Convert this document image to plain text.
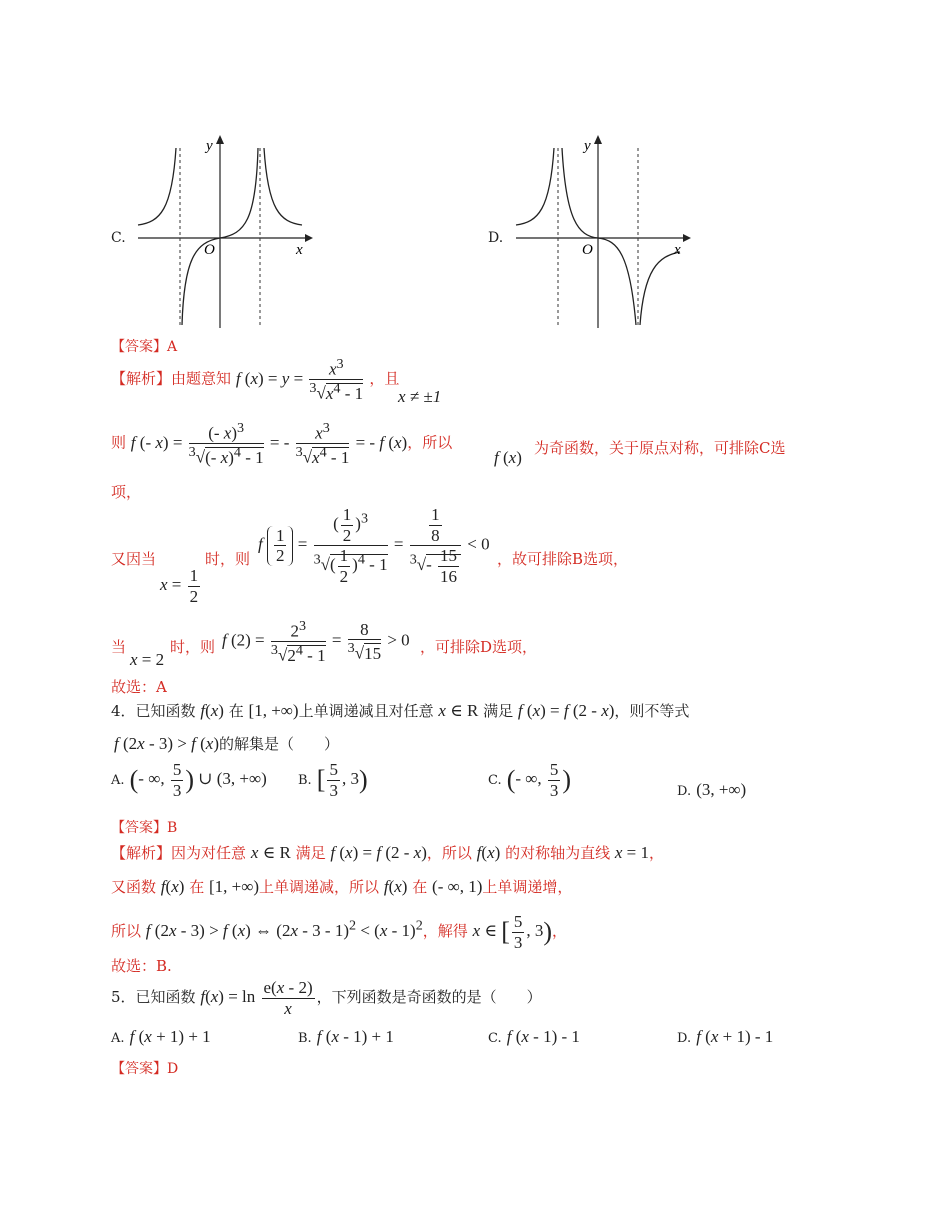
C.
x
y
O
D.
x
y
O
【答案】A
【解析】由题意知 f $(x) = y = \frac{x^3}{^3√x^4 - 1}$ ，且
x ≠ ±1
则 f (- $x) = \frac{(- x)^3}{^3√(- x)^4 - 1}$ = - $\frac{x^3}{^3√x^4 - 1}$ = - f (x)，所以
f (x) 为奇函数，关于原点对称，可排除C选
项，
又因当
$x = \frac{1}{2}$
时，则
f $\frac{1}{2} = \frac{( \frac{1}{2} )^3}{^3√( \frac{1}{2} )^4 - 1} = \frac{\frac{1}{8}}{^3√- \frac{15}{16}} < 0$
，故可排除B选项，
当
x = 2
时，则 f $(2) = \frac{2^3}{^3√2^4 - 1} = \frac{8}{^3√15} > 0$ ，可排除D选项，
故选：A
4．已知函数 f(x) 在 [1, +∞)上单调递减且对任意 x ∈ R 满足 f (x) = f (2 - x)，则不等式
f (2x - 3) > f (x)的解集是（　　）
A. (- ∞, $\frac{5}{3}$ ) ∪ (3, +∞) B. [ $\frac{5}{3}$ , 3)	C. (- ∞, $\frac{5}{3}$ )	D. (3, +∞)
【答案】B
【解析】因为对任意 x ∈ R 满足 f (x) = f (2 - x)，所以 f(x) 的对称轴为直线 x = 1，
又函数 f(x) 在 [1, +∞)上单调递减，所以 f(x) 在 (- ∞, 1)上单调递增，
所以 f (2x - 3) > f (x) ⇔ (2x - 3 - 1)$^2$ < (x - 1)$^2$，解得 x ∈ [ $\frac{5}{3}$ , 3)，
故选：B.
5．已知函数 $f(x) = \ln \frac{e(x - 2)}{x}$ ，下列函数是奇函数的是（　　）
A. f (x + 1) + 1	B. f (x - 1) + 1	C. f (x - 1) - 1	D. f (x + 1) - 1
【答案】D
